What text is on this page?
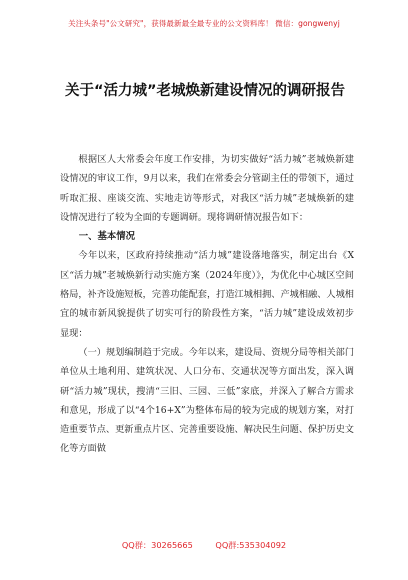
关注头条号"公文研究"，获得最新最全最专业的公文资料库！ 微信：gongwenyj
关于“活力城”老城焕新建设情况的调研报告

根据区人大常委会年度工作安排，为切实做好“活力城”老城焕新建设情况的审议工作，9月以来，我们在常委会分管副主任的带领下，通过听取汇报、座谈交流、实地走访等形式，对我区“活力城”老城焕新的建设情况进行了较为全面的专题调研。现将调研情况报告如下：

一、基本情况

今年以来，区政府持续推动“活力城”建设落地落实，制定出台《X区“活力城”老城焕新行动实施方案（2024年度）》，为优化中心城区空间格局，补齐设施短板，完善功能配套，打造江城相拥、产城相融、人城相宜的城市新风貌提供了切实可行的阶段性方案，“活力城”建设成效初步显现：

（一）规划编制趋于完成。今年以来，建设局、资规分局等相关部门单位从土地利用、建筑状况、人口分布、交通状况等方面出发，深入调研“活力城”现状，搜清“三旧、三园、三低”家底，并深入了解合方需求和意见，形成了以“4个16+X”为整体布局的较为完成的规划方案，对打造重要节点、更新重点片区、完善重要设施、解决民生问题、保护历史文化等方面做

QQ群：30265665	QQ群:535304092
